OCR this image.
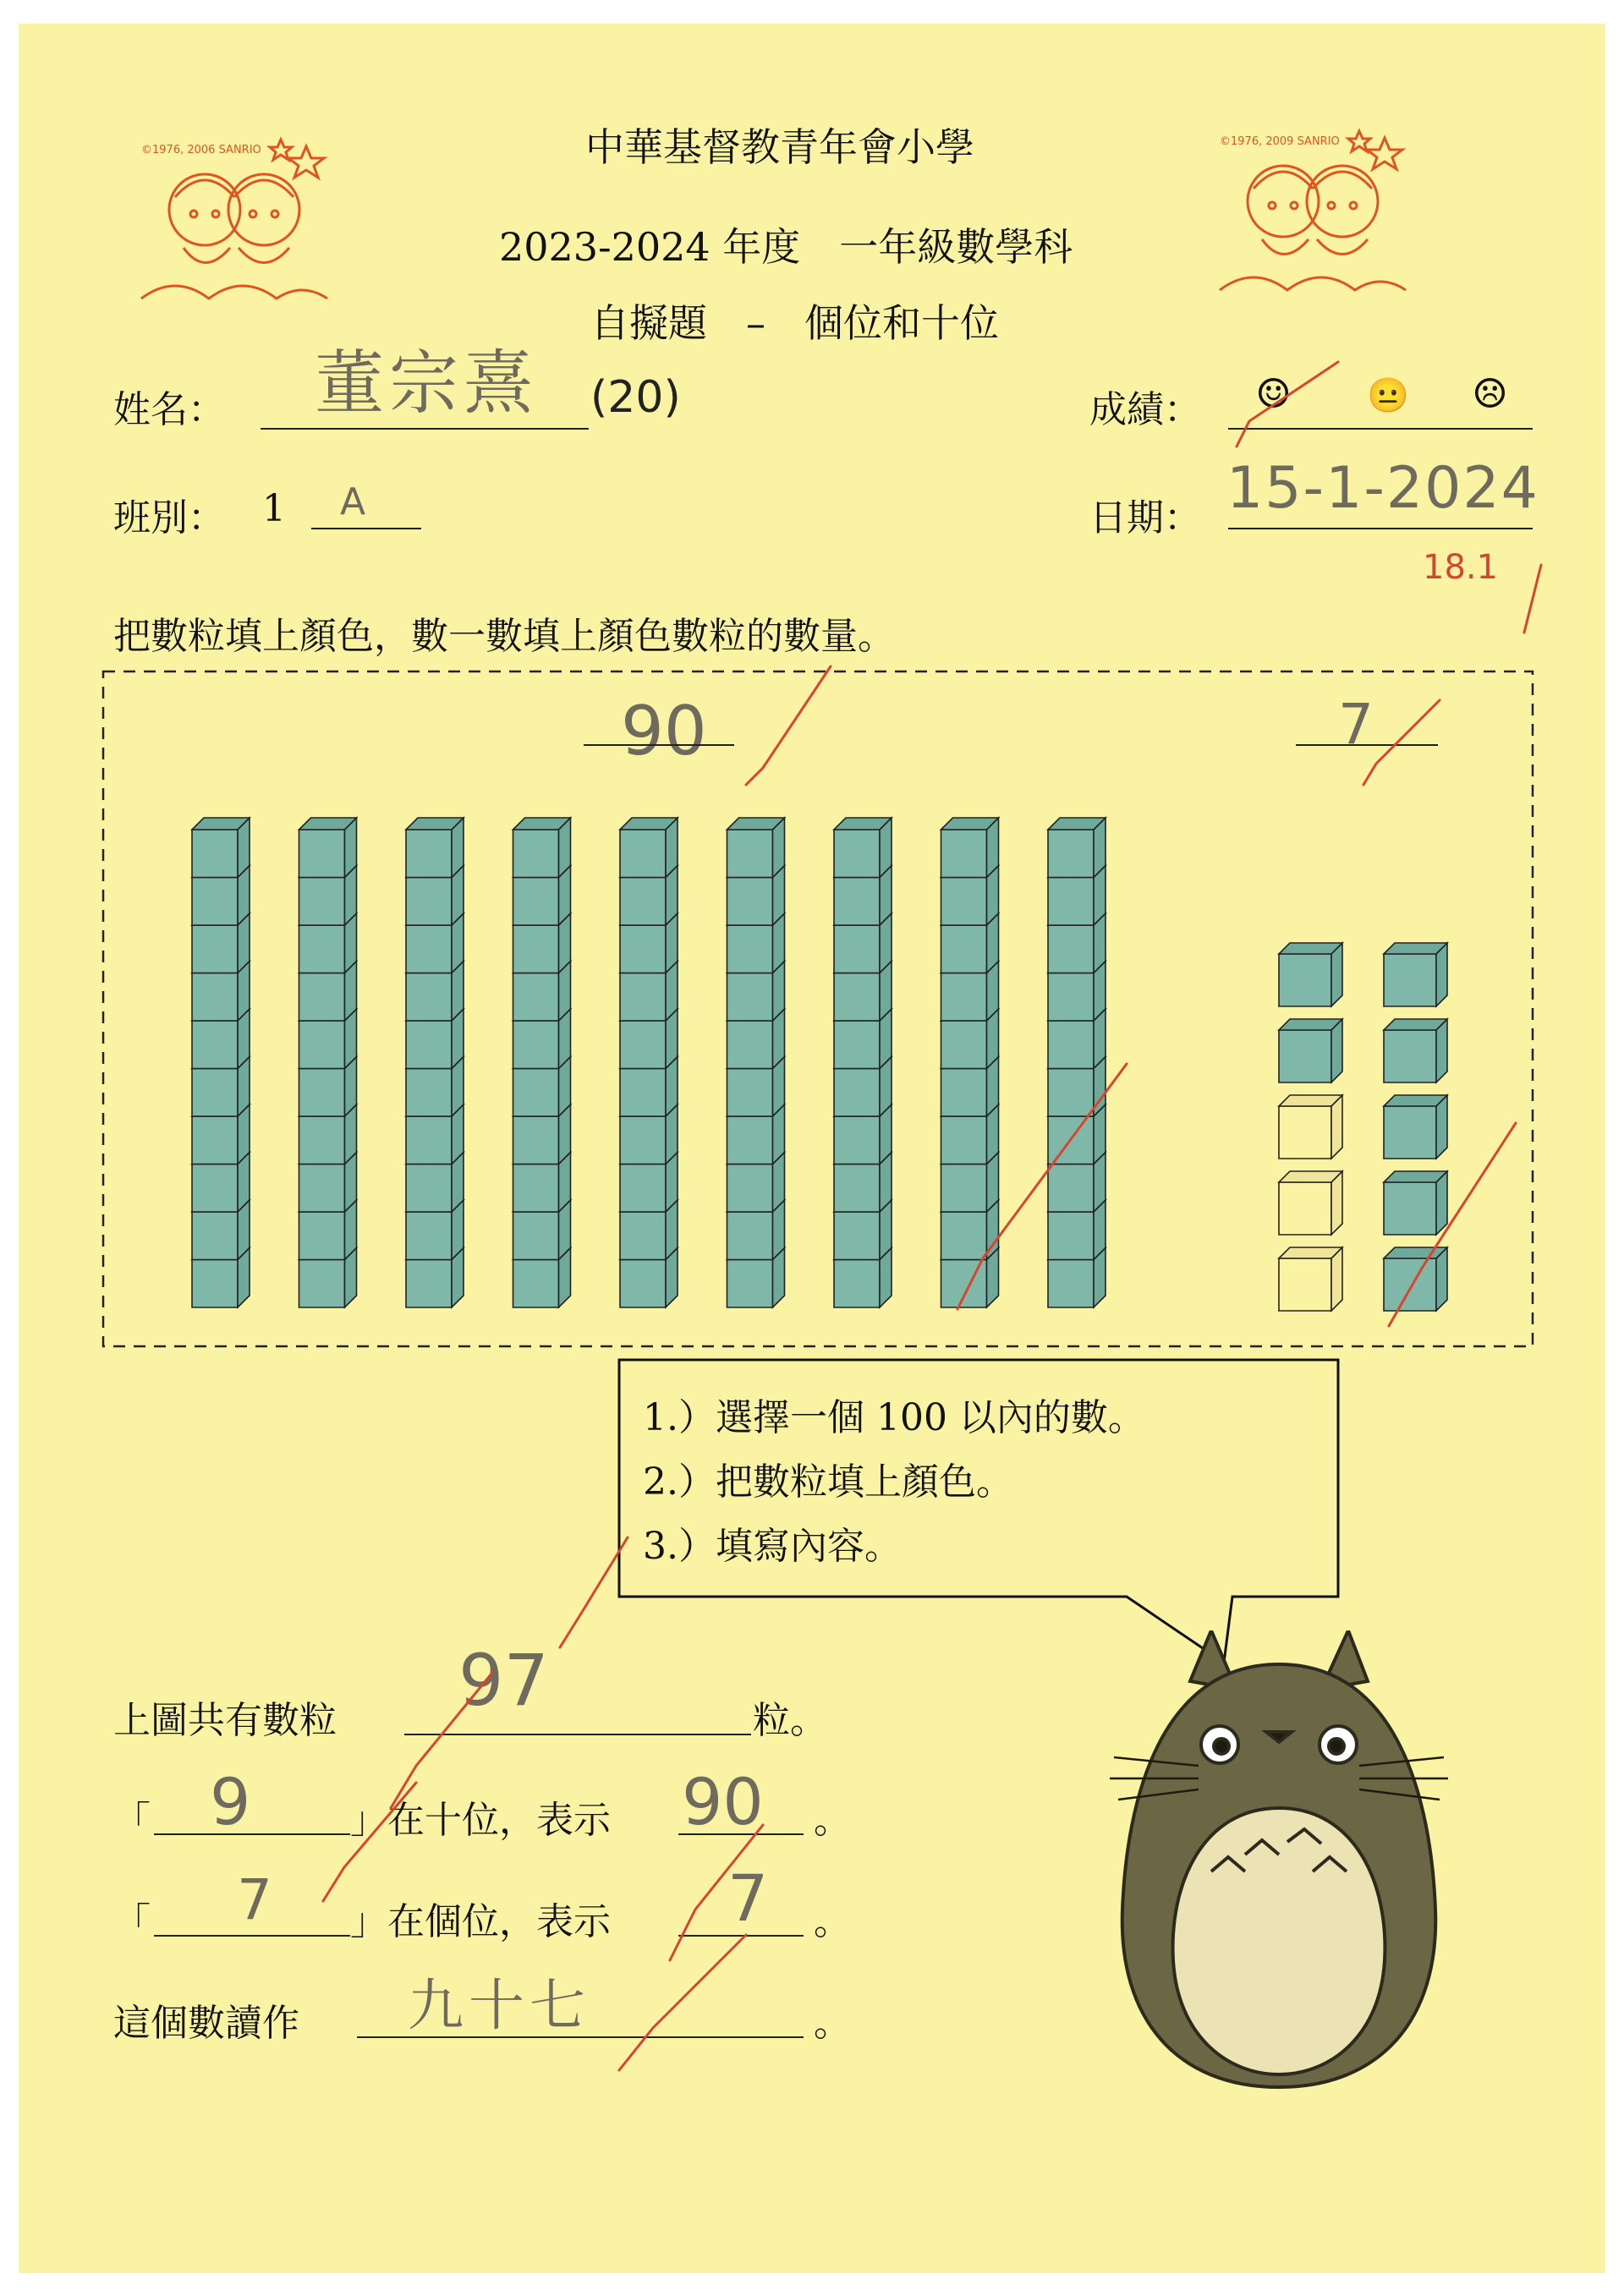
中華基督教青年會小學
2023-2024 年度　一年級數學科
自擬題　–　個位和十位
©1976, 2006 SANRIO
©1976, 2009 SANRIO
姓名： 董宗熹 (20)	成績： ☺ 😐 ☹
班別： 1 A	日期： 15-1-2024
18.1
把數粒填上顏色，數一數填上顏色數粒的數量。
90	7
1.）選擇一個 100 以內的數。
2.）把數粒填上顏色。
3.）填寫內容。
上圖共有數粒 97	粒。
「 9	」在十位，表示 90 。
「 7 」在個位，表示 7 。
這個數讀作 九十七	。
